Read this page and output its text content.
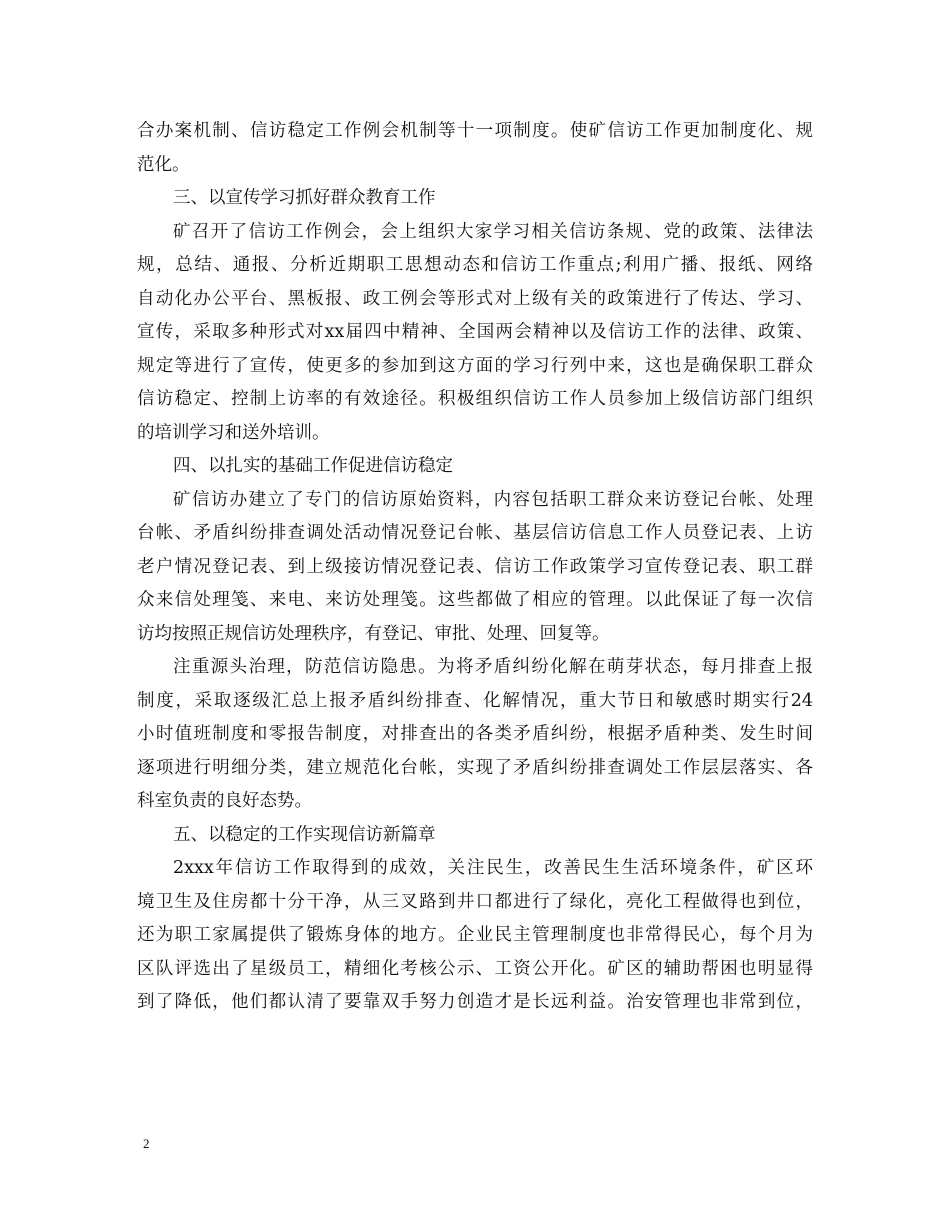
合办案机制、信访稳定工作例会机制等十一项制度。使矿信访工作更加制度化、规
范化。
三、以宣传学习抓好群众教育工作
矿召开了信访工作例会，会上组织大家学习相关信访条规、党的政策、法律法
规，总结、通报、分析近期职工思想动态和信访工作重点;利用广播、报纸、网络
自动化办公平台、黑板报、政工例会等形式对上级有关的政策进行了传达、学习、
宣传，采取多种形式对xx届四中精神、全国两会精神以及信访工作的法律、政策、
规定等进行了宣传，使更多的参加到这方面的学习行列中来，这也是确保职工群众
信访稳定、控制上访率的有效途径。积极组织信访工作人员参加上级信访部门组织
的培训学习和送外培训。
四、以扎实的基础工作促进信访稳定
矿信访办建立了专门的信访原始资料，内容包括职工群众来访登记台帐、处理
台帐、矛盾纠纷排查调处活动情况登记台帐、基层信访信息工作人员登记表、上访
老户情况登记表、到上级接访情况登记表、信访工作政策学习宣传登记表、职工群
众来信处理笺、来电、来访处理笺。这些都做了相应的管理。以此保证了每一次信
访均按照正规信访处理秩序，有登记、审批、处理、回复等。
注重源头治理，防范信访隐患。为将矛盾纠纷化解在萌芽状态，每月排查上报
制度，采取逐级汇总上报矛盾纠纷排查、化解情况，重大节日和敏感时期实行24
小时值班制度和零报告制度，对排查出的各类矛盾纠纷，根据矛盾种类、发生时间
逐项进行明细分类，建立规范化台帐，实现了矛盾纠纷排查调处工作层层落实、各
科室负责的良好态势。
五、以稳定的工作实现信访新篇章
2xxx年信访工作取得到的成效，关注民生，改善民生生活环境条件，矿区环
境卫生及住房都十分干净，从三叉路到井口都进行了绿化，亮化工程做得也到位，
还为职工家属提供了锻炼身体的地方。企业民主管理制度也非常得民心，每个月为
区队评选出了星级员工，精细化考核公示、工资公开化。矿区的辅助帮困也明显得
到了降低，他们都认清了要靠双手努力创造才是长远利益。治安管理也非常到位，
2
